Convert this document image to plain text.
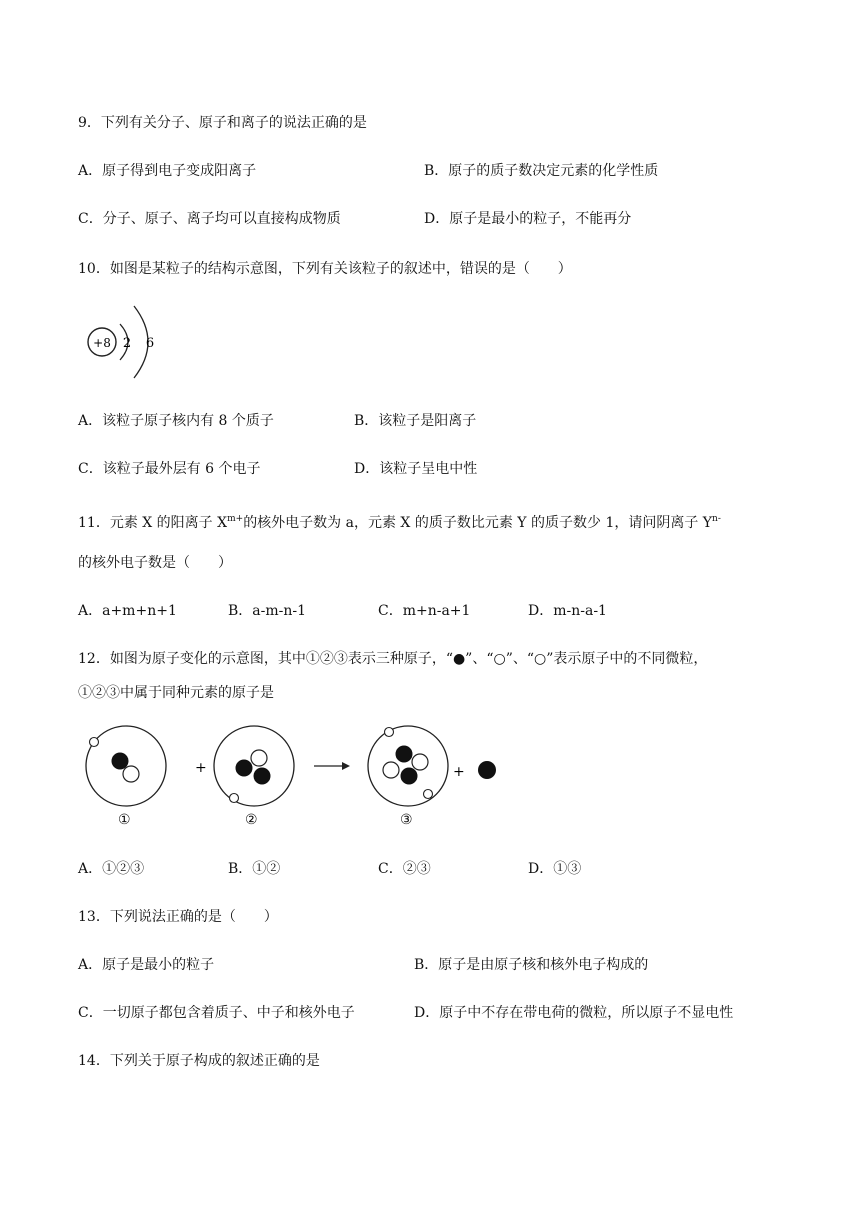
9．下列有关分子、原子和离子的说法正确的是
A．原子得到电子变成阳离子	B．原子的质子数决定元素的化学性质
C．分子、原子、离子均可以直接构成物质	D．原子是最小的粒子，不能再分
10．如图是某粒子的结构示意图，下列有关该粒子的叙述中，错误的是（　　）
+8 2 6
A．该粒子原子核内有 8 个质子	B．该粒子是阳离子
C．该粒子最外层有 6 个电子	D．该粒子呈电中性
11．元素 X 的阳离子 $X^{m+}$的核外电子数为 a，元素 X 的质子数比元素 Y 的质子数少 1，请问阴离子 $Y^{n-}$
的核外电子数是（　　）
A．a+m+n+1	B．a-m-n-1	C．m+n-a+1	D．m-n-a-1
12．如图为原子变化的示意图，其中①②③表示三种原子，“●”、“○”、“○”表示原子中的不同微粒，
①②③中属于同种元素的原子是
+	+
①	②	③
A．①②③	B．①②	C．②③	D．①③
13．下列说法正确的是（　　）
A．原子是最小的粒子	B．原子是由原子核和核外电子构成的
C．一切原子都包含着质子、中子和核外电子	D．原子中不存在带电荷的微粒，所以原子不显电性
14．下列关于原子构成的叙述正确的是
